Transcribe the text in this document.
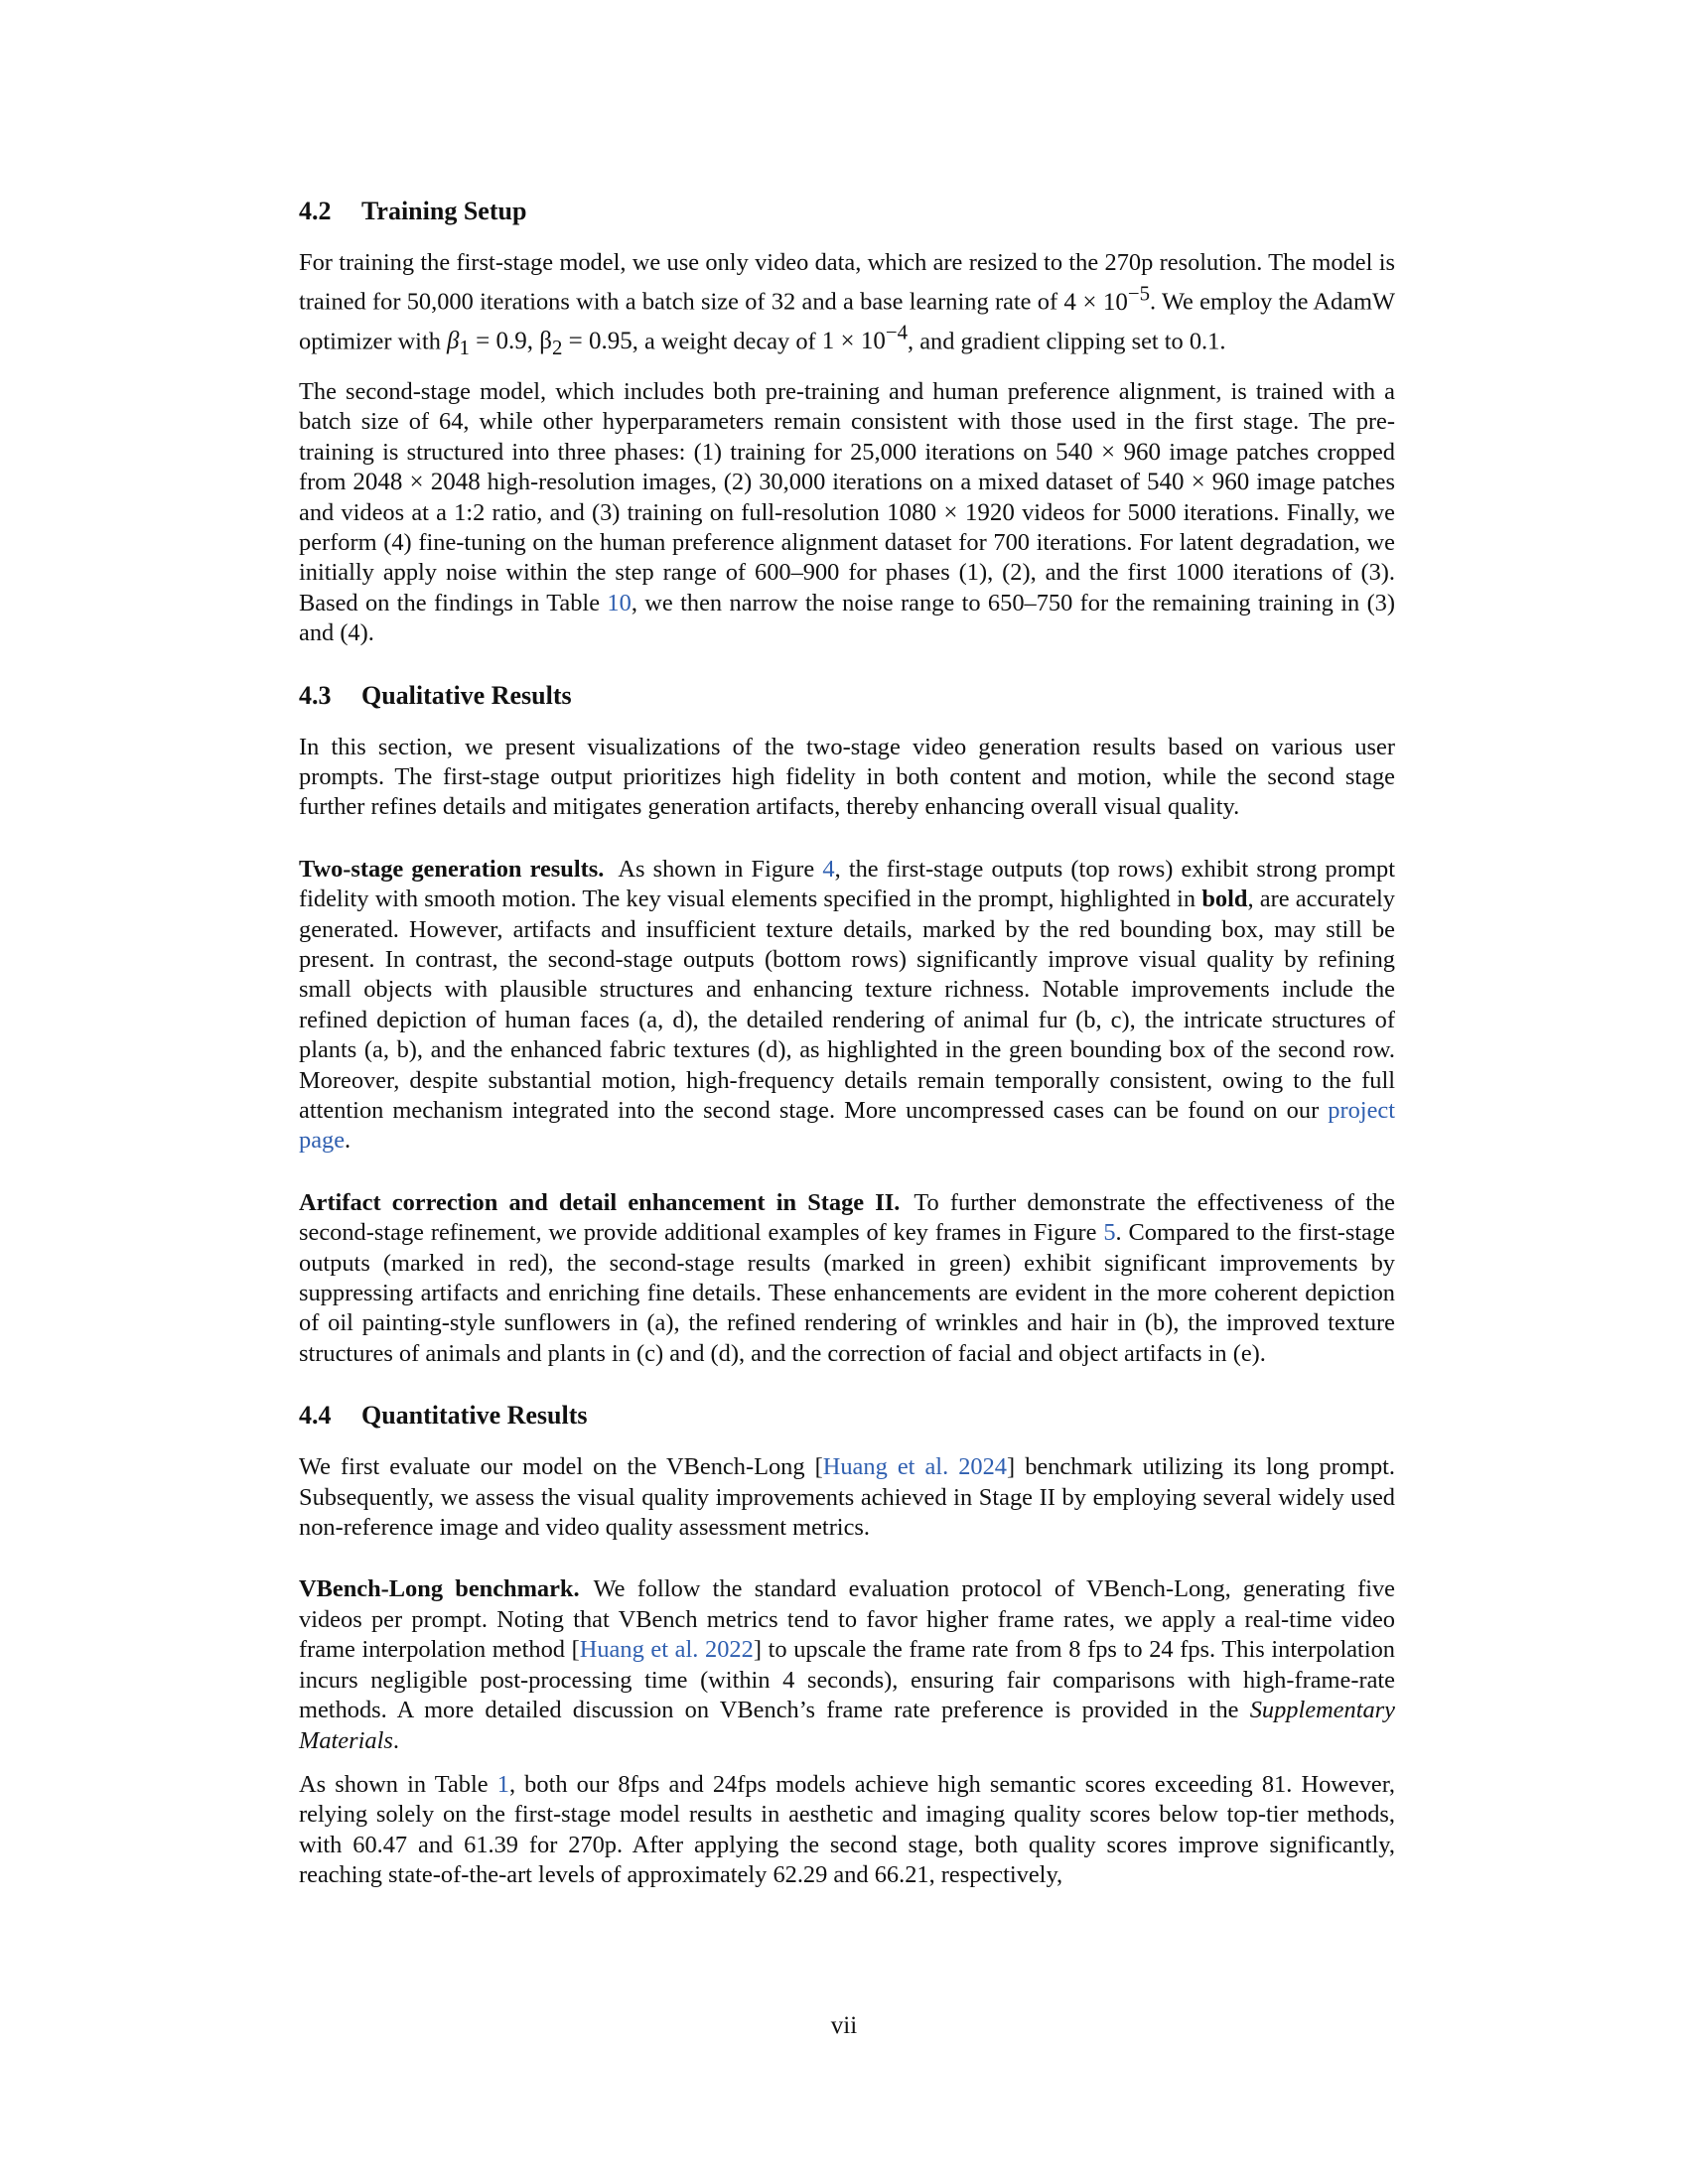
4.2 Training Setup

For training the first-stage model, we use only video data, which are resized to the 270p resolution. The model is trained for 50,000 iterations with a batch size of 32 and a base learning rate of $4 \times 10^{-5}$. We employ the AdamW optimizer with $\beta_1 = 0.9$, $\beta_2 = 0.95$, a weight decay of $1 \times 10^{-4}$, and gradient clipping set to 0.1.

The second-stage model, which includes both pre-training and human preference alignment, is trained with a batch size of 64, while other hyperparameters remain consistent with those used in the first stage. The pre-training is structured into three phases: (1) training for 25,000 iterations on 540 × 960 image patches cropped from 2048 × 2048 high-resolution images, (2) 30,000 iterations on a mixed dataset of 540 × 960 image patches and videos at a 1:2 ratio, and (3) training on full-resolution 1080 × 1920 videos for 5000 iterations. Finally, we perform (4) fine-tuning on the human preference alignment dataset for 700 iterations. For latent degradation, we initially apply noise within the step range of 600–900 for phases (1), (2), and the first 1000 iterations of (3). Based on the findings in Table 10, we then narrow the noise range to 650–750 for the remaining training in (3) and (4).

4.3 Qualitative Results

In this section, we present visualizations of the two-stage video generation results based on various user prompts. The first-stage output prioritizes high fidelity in both content and motion, while the second stage further refines details and mitigates generation artifacts, thereby enhancing overall visual quality.

Two-stage generation results. As shown in Figure 4, the first-stage outputs (top rows) exhibit strong prompt fidelity with smooth motion. The key visual elements specified in the prompt, highlighted in bold, are accurately generated. However, artifacts and insufficient texture details, marked by the red bounding box, may still be present. In contrast, the second-stage outputs (bottom rows) significantly improve visual quality by refining small objects with plausible structures and enhancing texture richness. Notable improvements include the refined depiction of human faces (a, d), the detailed rendering of animal fur (b, c), the intricate structures of plants (a, b), and the enhanced fabric textures (d), as highlighted in the green bounding box of the second row. Moreover, despite substantial motion, high-frequency details remain temporally consistent, owing to the full attention mechanism integrated into the second stage. More uncompressed cases can be found on our project page.

Artifact correction and detail enhancement in Stage II. To further demonstrate the effectiveness of the second-stage refinement, we provide additional examples of key frames in Figure 5. Compared to the first-stage outputs (marked in red), the second-stage results (marked in green) exhibit significant improvements by suppressing artifacts and enriching fine details. These enhancements are evident in the more coherent depiction of oil painting-style sunflowers in (a), the refined rendering of wrinkles and hair in (b), the improved texture structures of animals and plants in (c) and (d), and the correction of facial and object artifacts in (e).

4.4 Quantitative Results

We first evaluate our model on the VBench-Long [Huang et al. 2024] benchmark utilizing its long prompt. Subsequently, we assess the visual quality improvements achieved in Stage II by employing several widely used non-reference image and video quality assessment metrics.

VBench-Long benchmark. We follow the standard evaluation protocol of VBench-Long, generating five videos per prompt. Noting that VBench metrics tend to favor higher frame rates, we apply a real-time video frame interpolation method [Huang et al. 2022] to upscale the frame rate from 8 fps to 24 fps. This interpolation incurs negligible post-processing time (within 4 seconds), ensuring fair comparisons with high-frame-rate methods. A more detailed discussion on VBench’s frame rate preference is provided in the Supplementary Materials.

As shown in Table 1, both our 8fps and 24fps models achieve high semantic scores exceeding 81. However, relying solely on the first-stage model results in aesthetic and imaging quality scores below top-tier methods, with 60.47 and 61.39 for 270p. After applying the second stage, both quality scores improve significantly, reaching state-of-the-art levels of approximately 62.29 and 66.21, respectively,

vii
